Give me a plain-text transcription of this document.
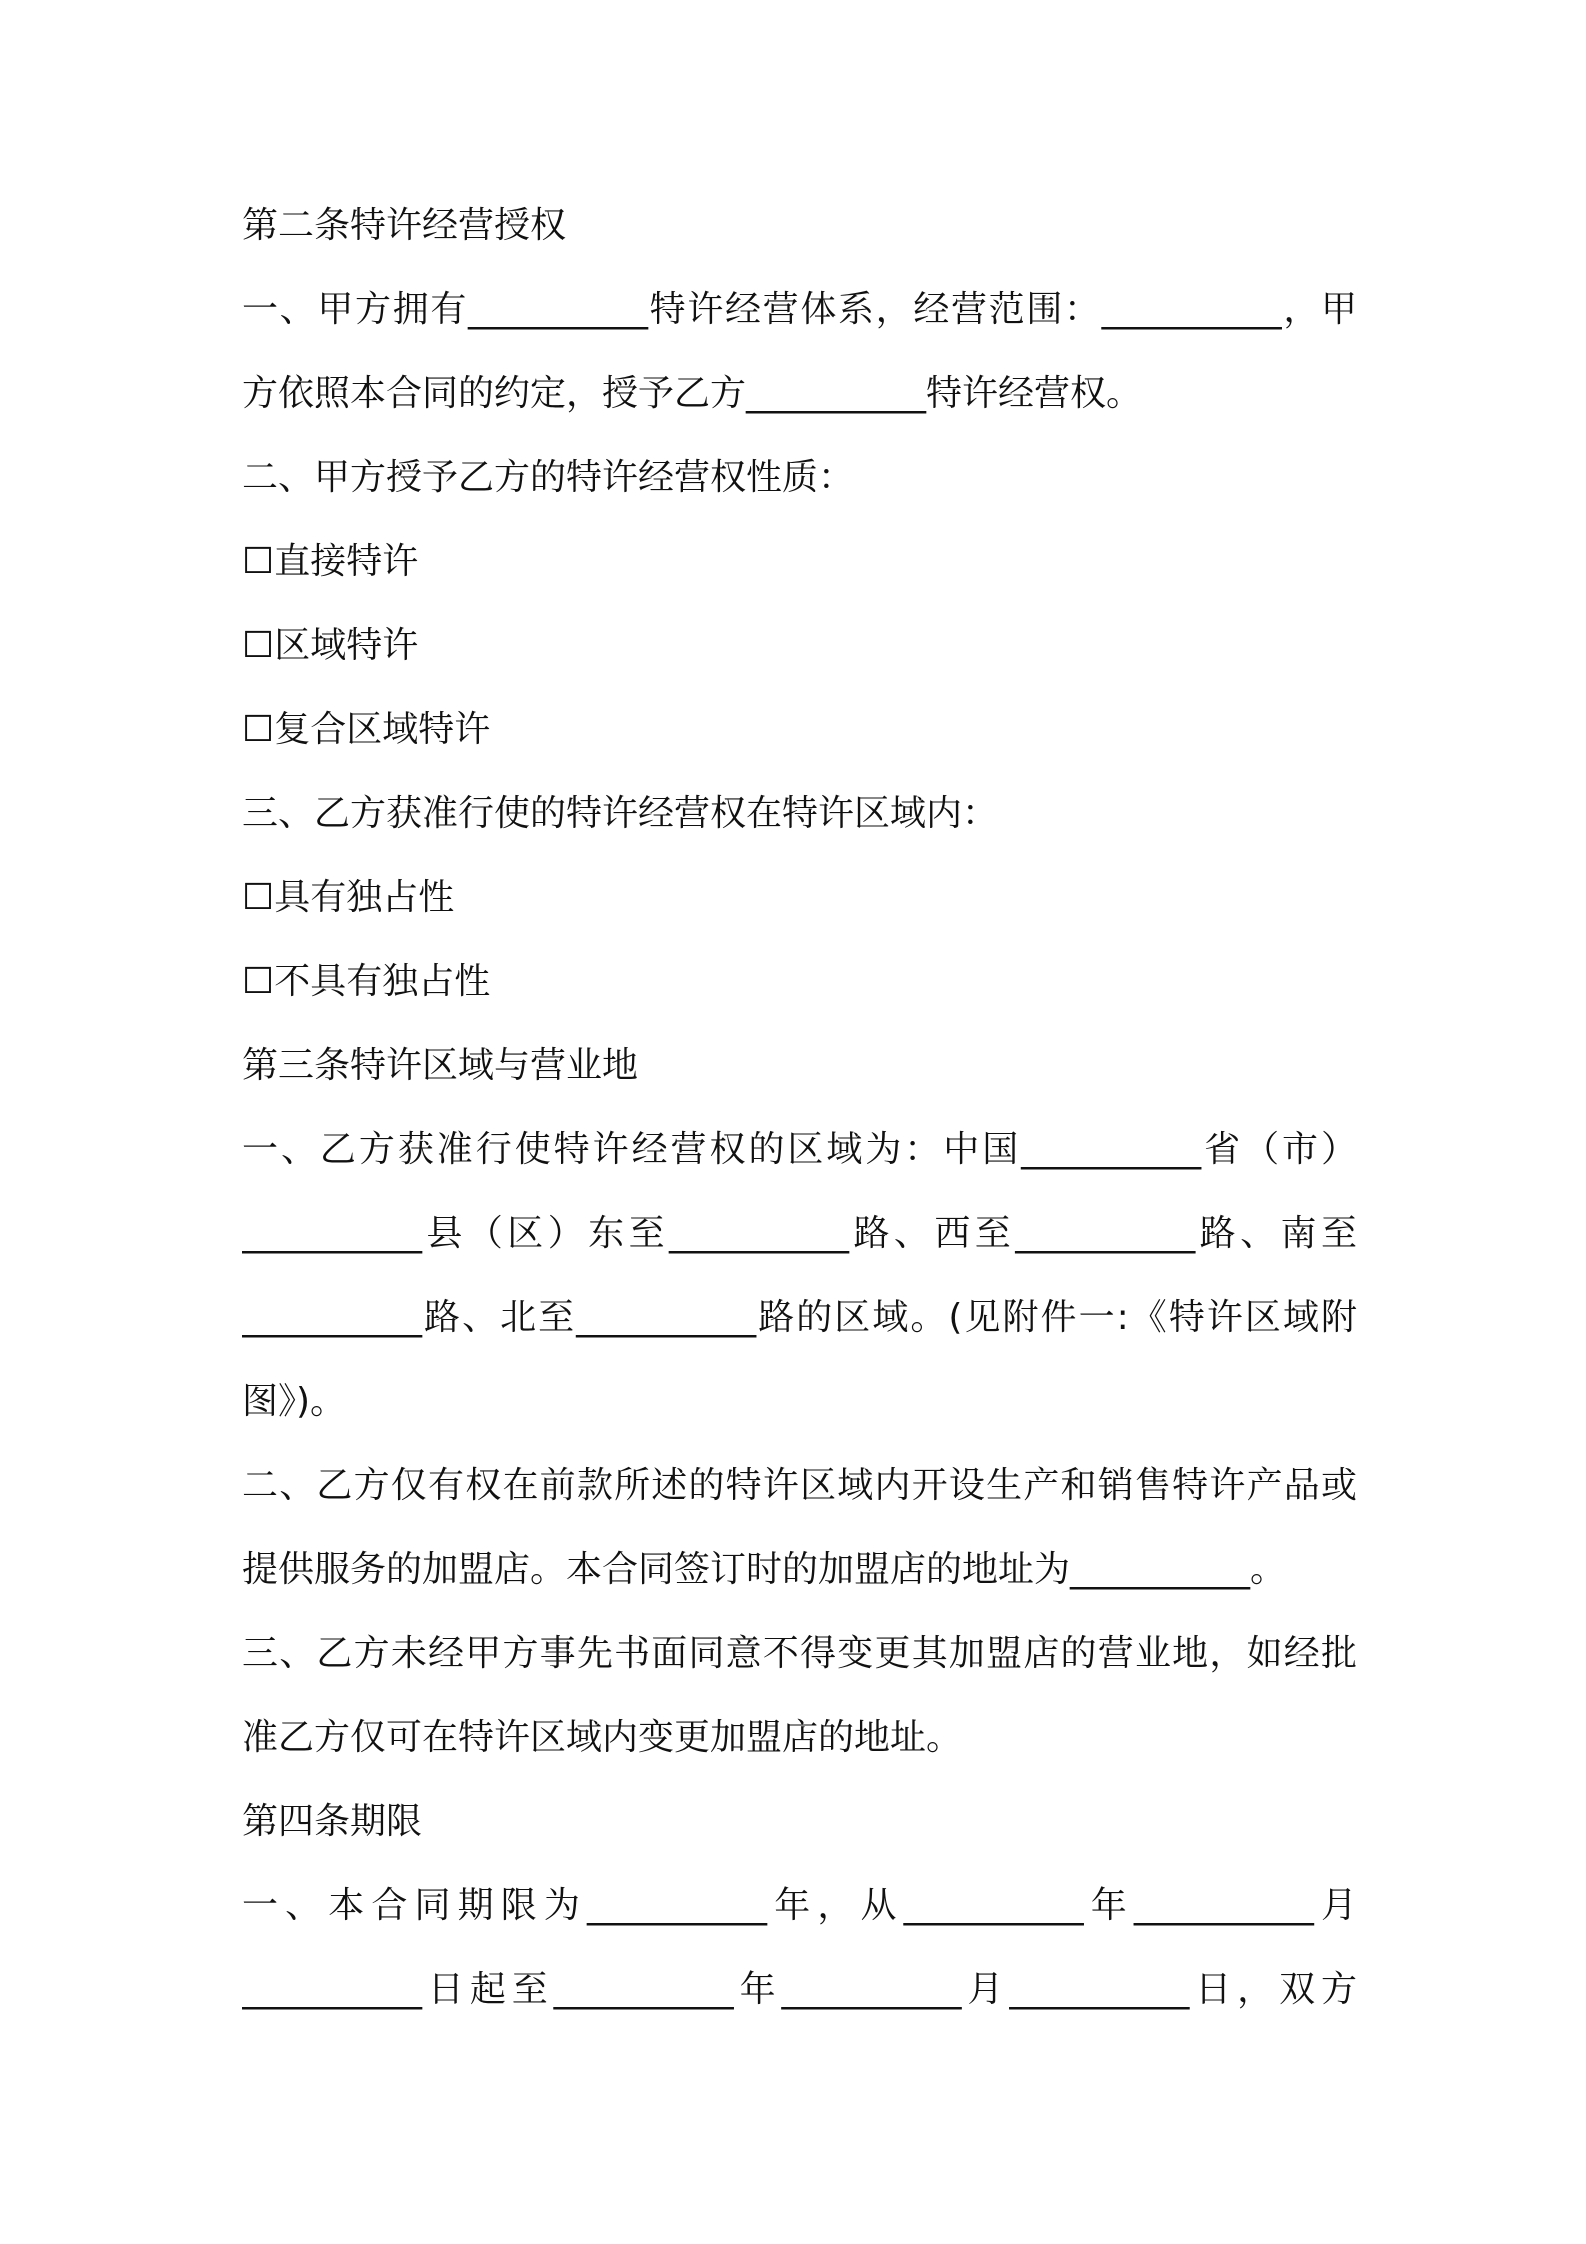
第二条特许经营授权
一、甲方拥有__________特许经营体系，经营范围：__________，甲
方依照本合同的约定，授予乙方__________特许经营权。
二、甲方授予乙方的特许经营权性质：
☐直接特许
☐区域特许
☐复合区域特许
三、乙方获准行使的特许经营权在特许区域内：
☐具有独占性
☐不具有独占性
第三条特许区域与营业地
一、乙方获准行使特许经营权的区域为：中国__________省（市）
__________县（区）东至__________路、西至__________路、南至
__________路、北至__________路的区域。(见附件一:《特许区域附
图》)。
二、乙方仅有权在前款所述的特许区域内开设生产和销售特许产品或
提供服务的加盟店。本合同签订时的加盟店的地址为__________。
三、乙方未经甲方事先书面同意不得变更其加盟店的营业地，如经批
准乙方仅可在特许区域内变更加盟店的地址。
第四条期限
一、本合同期限为__________年，从__________年__________月
__________日起至__________年__________月__________日，双方
